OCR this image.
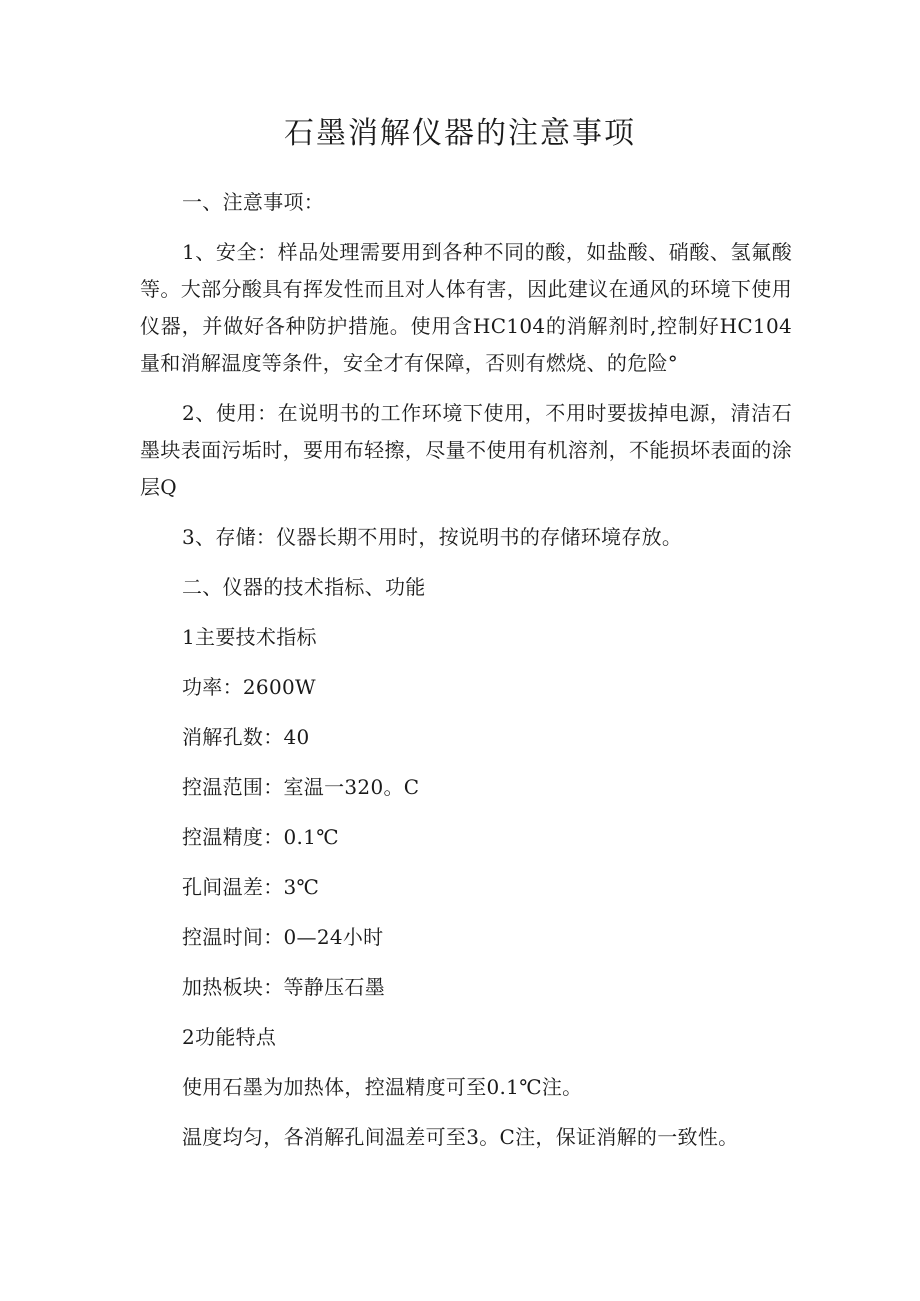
石墨消解仪器的注意事项

一、注意事项：

1、安全：样品处理需要用到各种不同的酸，如盐酸、硝酸、氢氟酸等。大部分酸具有挥发性而且对人体有害，因此建议在通风的环境下使用仪器，并做好各种防护措施。使用含HC104的消解剂时,控制好HC104量和消解温度等条件，安全才有保障，否则有燃烧、的危险°

2、使用：在说明书的工作环境下使用，不用时要拔掉电源，清洁石墨块表面污垢时，要用布轻擦，尽量不使用有机溶剂，不能损坏表面的涂层Q

3、存储：仪器长期不用时，按说明书的存储环境存放。

二、仪器的技术指标、功能

1主要技术指标

功率：2600W

消解孔数：40

控温范围：室温一320。C

控温精度：0.1℃

孔间温差：3℃

控温时间：0—24小时

加热板块：等静压石墨

2功能特点

使用石墨为加热体，控温精度可至0.1℃注。

温度均匀，各消解孔间温差可至3。C注，保证消解的一致性。
